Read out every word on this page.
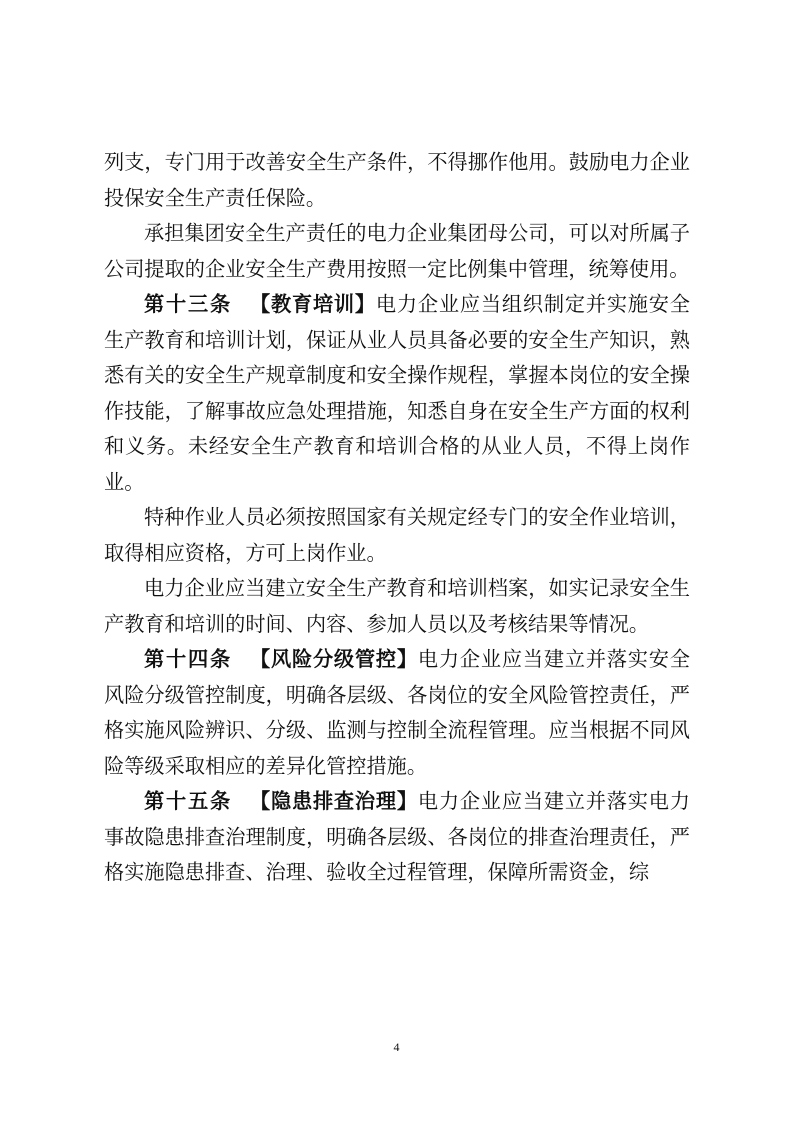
列支，专门用于改善安全生产条件，不得挪作他用。鼓励电力企业投保安全生产责任保险。

承担集团安全生产责任的电力企业集团母公司，可以对所属子公司提取的企业安全生产费用按照一定比例集中管理，统筹使用。

第十三条 【教育培训】电力企业应当组织制定并实施安全生产教育和培训计划，保证从业人员具备必要的安全生产知识，熟悉有关的安全生产规章制度和安全操作规程，掌握本岗位的安全操作技能，了解事故应急处理措施，知悉自身在安全生产方面的权利和义务。未经安全生产教育和培训合格的从业人员，不得上岗作业。

特种作业人员必须按照国家有关规定经专门的安全作业培训，取得相应资格，方可上岗作业。

电力企业应当建立安全生产教育和培训档案，如实记录安全生产教育和培训的时间、内容、参加人员以及考核结果等情况。

第十四条 【风险分级管控】电力企业应当建立并落实安全风险分级管控制度，明确各层级、各岗位的安全风险管控责任，严格实施风险辨识、分级、监测与控制全流程管理。应当根据不同风险等级采取相应的差异化管控措施。

第十五条 【隐患排查治理】电力企业应当建立并落实电力事故隐患排查治理制度，明确各层级、各岗位的排查治理责任，严格实施隐患排查、治理、验收全过程管理，保障所需资金，综

4
